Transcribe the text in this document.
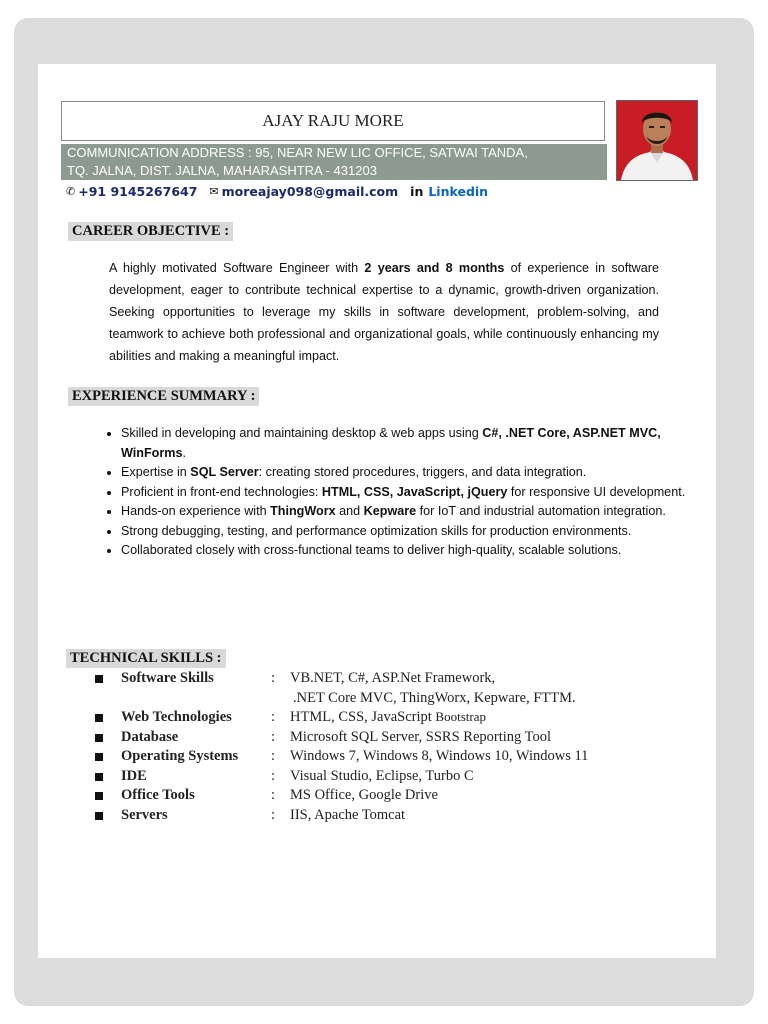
AJAY RAJU MORE
COMMUNICATION ADDRESS : 95, NEAR NEW LIC OFFICE, SATWAI TANDA,
TQ. JALNA, DIST. JALNA, MAHARASHTRA - 431203
✆ +91 9145267647 ✉ moreajay098@gmail.com in Linkedin
CAREER OBJECTIVE :
A highly motivated Software Engineer with 2 years and 8 months of experience in software development, eager to contribute technical expertise to a dynamic, growth-driven organization. Seeking opportunities to leverage my skills in software development, problem-solving, and teamwork to achieve both professional and organizational goals, while continuously enhancing my abilities and making a meaningful impact.
EXPERIENCE SUMMARY :
• Skilled in developing and maintaining desktop & web apps using C#, .NET Core, ASP.NET MVC, WinForms.
• Expertise in SQL Server: creating stored procedures, triggers, and data integration.
• Proficient in front-end technologies: HTML, CSS, JavaScript, jQuery for responsive UI development.
• Hands-on experience with ThingWorx and Kepware for IoT and industrial automation integration.
• Strong debugging, testing, and performance optimization skills for production environments.
• Collaborated closely with cross-functional teams to deliver high-quality, scalable solutions.
TECHNICAL SKILLS :
Software Skills	: VB.NET, C#, ASP.Net Framework,
.NET Core MVC, ThingWorx, Kepware, FTTM.
Web Technologies	: HTML, CSS, JavaScript Bootstrap
Database	: Microsoft SQL Server, SSRS Reporting Tool
Operating Systems : Windows 7, Windows 8, Windows 10, Windows 11
IDE	: Visual Studio, Eclipse, Turbo C
Office Tools	: MS Office, Google Drive
Servers	: IIS, Apache Tomcat
